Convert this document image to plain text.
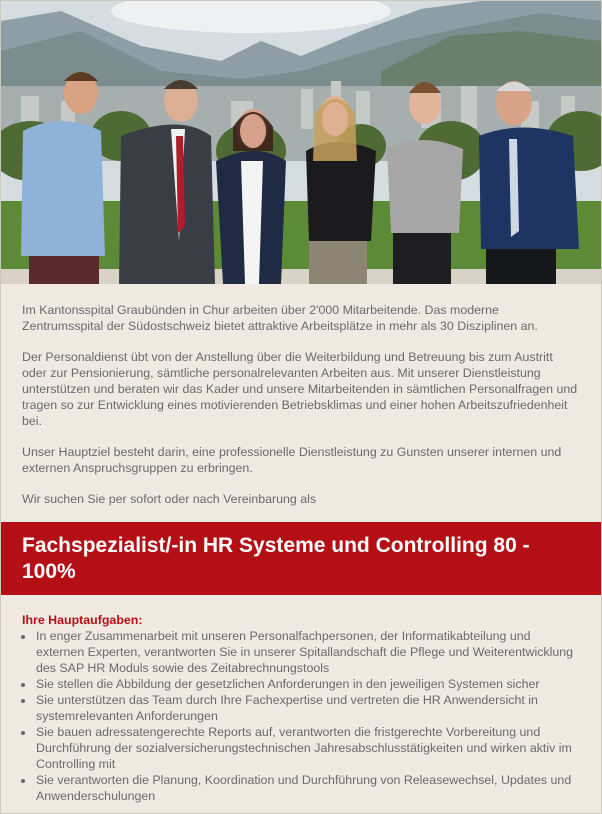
Im Kantonsspital Graubünden in Chur arbeiten über 2'000 Mitarbeitende. Das moderne Zentrumsspital der Südostschweiz bietet attraktive Arbeitsplätze in mehr als 30 Disziplinen an.

Der Personaldienst übt von der Anstellung über die Weiterbildung und Betreuung bis zum Austritt oder zur Pensionierung, sämtliche personalrelevanten Arbeiten aus. Mit unserer Dienstleistung unterstützen und beraten wir das Kader und unsere Mitarbeitenden in sämtlichen Personalfragen und tragen so zur Entwicklung eines motivierenden Betriebsklimas und einer hohen Arbeitszufriedenheit bei.

Unser Hauptziel besteht darin, eine professionelle Dienstleistung zu Gunsten unserer internen und externen Anspruchsgruppen zu erbringen.

Wir suchen Sie per sofort oder nach Vereinbarung als

Fachspezialist/-in HR Systeme und Controlling 80 - 100%

Ihre Hauptaufgaben:

• In enger Zusammenarbeit mit unseren Personalfachpersonen, der Informatikabteilung und externen Experten, verantworten Sie in unserer Spitallandschaft die Pflege und Weiterentwicklung des SAP HR Moduls sowie des Zeitabrechnungstools
• Sie stellen die Abbildung der gesetzlichen Anforderungen in den jeweiligen Systemen sicher
• Sie unterstützen das Team durch Ihre Fachexpertise und vertreten die HR Anwendersicht in systemrelevanten Anforderungen
• Sie bauen adressatengerechte Reports auf, verantworten die fristgerechte Vorbereitung und Durchführung der sozialversicherungstechnischen Jahresabschlusstätigkeiten und wirken aktiv im Controlling mit
• Sie verantworten die Planung, Koordination und Durchführung von Releasewechsel, Updates und Anwenderschulungen
